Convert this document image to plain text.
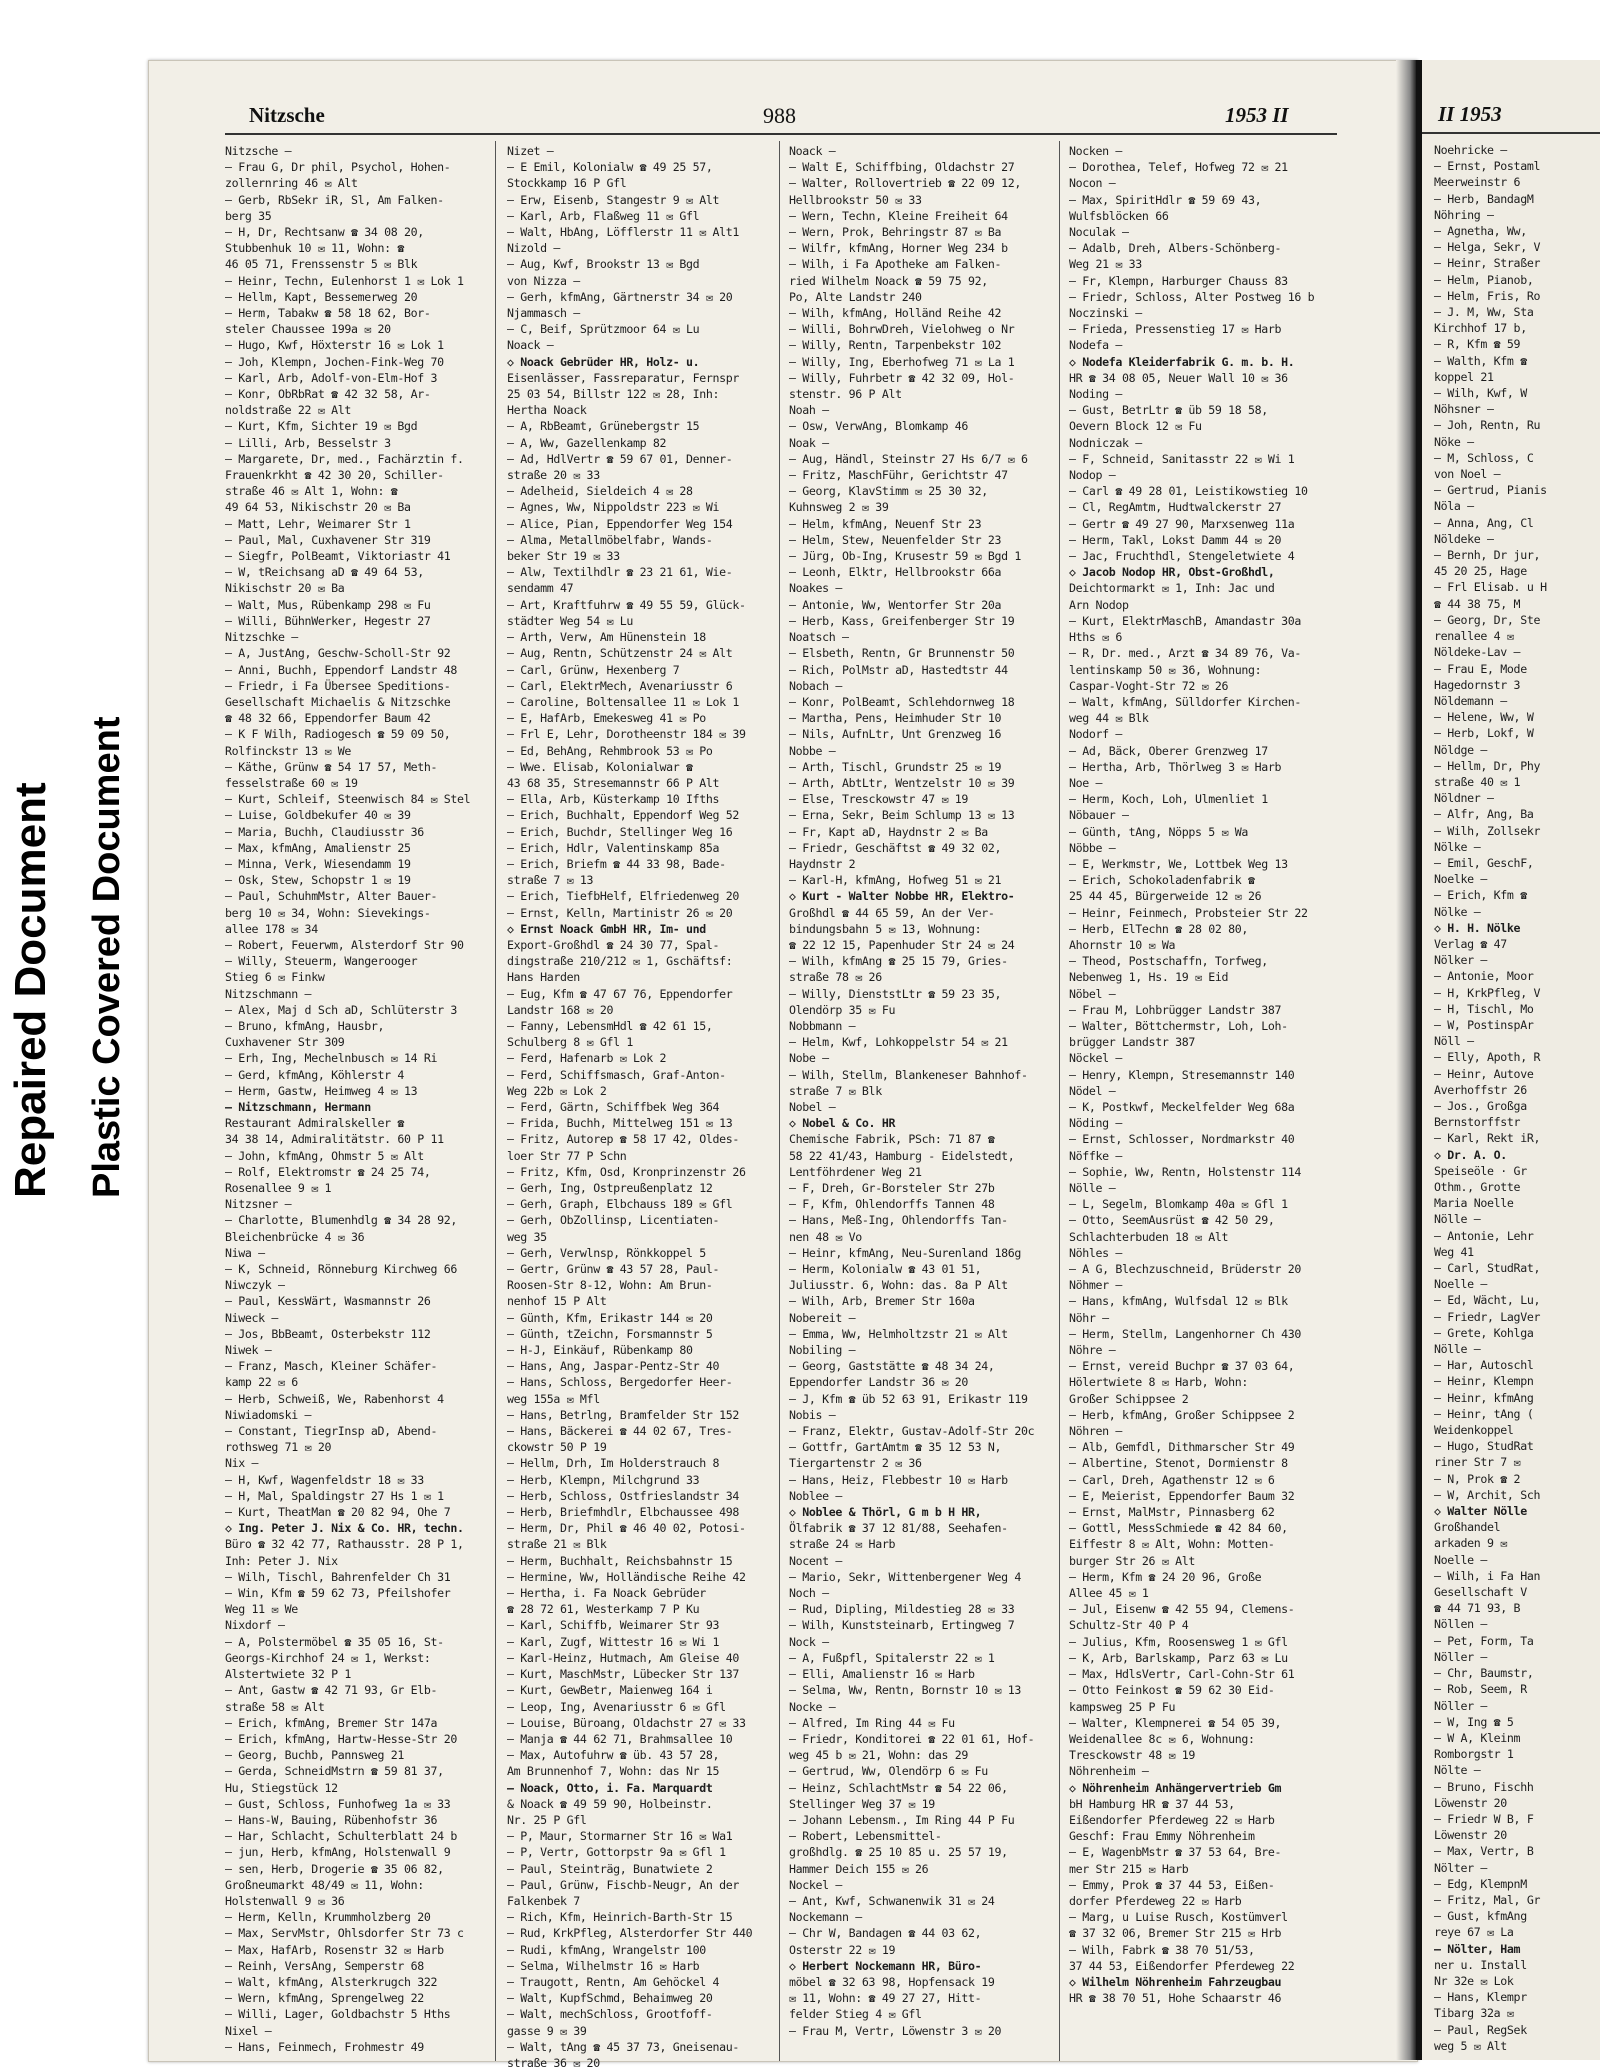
Repaired Document Plastic Covered Document
Nitzsche	988	1953 II
Nitzsche —
— Frau G, Dr phil, Psychol, Hohen-
zollernring 46 ✉ Alt
— Gerb, RbSekr iR, Sl, Am Falken-
berg 35
— H, Dr, Rechtsanw ☎ 34 08 20,
Stubbenhuk 10 ✉ 11, Wohn: ☎
46 05 71, Frenssenstr 5 ✉ Blk
— Heinr, Techn, Eulenhorst 1 ✉ Lok 1
— Hellm, Kapt, Bessemerweg 20
— Herm, Tabakw ☎ 58 18 62, Bor-
steler Chaussee 199a ✉ 20
— Hugo, Kwf, Höxterstr 16 ✉ Lok 1
— Joh, Klempn, Jochen-Fink-Weg 70
— Karl, Arb, Adolf-von-Elm-Hof 3
— Konr, ObRbRat ☎ 42 32 58, Ar-
noldstraße 22 ✉ Alt
— Kurt, Kfm, Sichter 19 ✉ Bgd
— Lilli, Arb, Besselstr 3
— Margarete, Dr, med., Fachärztin f.
Frauenkrkht ☎ 42 30 20, Schiller-
straße 46 ✉ Alt 1, Wohn: ☎
49 64 53, Nikischstr 20 ✉ Ba
— Matt, Lehr, Weimarer Str 1
— Paul, Mal, Cuxhavener Str 319
— Siegfr, PolBeamt, Viktoriastr 41
— W, tReichsang aD ☎ 49 64 53,
Nikischstr 20 ✉ Ba
— Walt, Mus, Rübenkamp 298 ✉ Fu
— Willi, BühnWerker, Hegestr 27
Nitzschke —
— A, JustAng, Geschw-Scholl-Str 92
— Anni, Buchh, Eppendorf Landstr 48
— Friedr, i Fa Übersee Speditions-
Gesellschaft Michaelis & Nitzschke
☎ 48 32 66, Eppendorfer Baum 42
— K F Wilh, Radiogesch ☎ 59 09 50,
Rolfinckstr 13 ✉ We
— Käthe, Grünw ☎ 54 17 57, Meth-
fesselstraße 60 ✉ 19
— Kurt, Schleif, Steenwisch 84 ✉ Stel
— Luise, Goldbekufer 40 ✉ 39
— Maria, Buchh, Claudiusstr 36
— Max, kfmAng, Amalienstr 25
— Minna, Verk, Wiesendamm 19
— Osk, Stew, Schopstr 1 ✉ 19
— Paul, SchuhmMstr, Alter Bauer-
berg 10 ✉ 34, Wohn: Sievekings-
allee 178 ✉ 34
— Robert, Feuerwm, Alsterdorf Str 90
— Willy, Steuerm, Wangerooger
Stieg 6 ✉ Finkw
Nitzschmann —
— Alex, Maj d Sch aD, Schlüterstr 3
— Bruno, kfmAng, Hausbr,
Cuxhavener Str 309
— Erh, Ing, Mechelnbusch ✉ 14 Ri
— Gerd, kfmAng, Köhlerstr 4
— Herm, Gastw, Heimweg 4 ✉ 13
— Nitzschmann, Hermann
Restaurant Admiralskeller ☎
34 38 14, Admiralitätstr. 60 P 11
— John, kfmAng, Ohmstr 5 ✉ Alt
— Rolf, Elektromstr ☎ 24 25 74,
Rosenallee 9 ✉ 1
Nitzsner —
— Charlotte, Blumenhdlg ☎ 34 28 92,
Bleichenbrücke 4 ✉ 36
Niwa —
— K, Schneid, Rönneburg Kirchweg 66
Niwczyk —
— Paul, KessWärt, Wasmannstr 26
Niweck —
— Jos, BbBeamt, Osterbekstr 112
Niwek —
— Franz, Masch, Kleiner Schäfer-
kamp 22 ✉ 6
— Herb, Schweiß, We, Rabenhorst 4
Niwiadomski —
— Constant, TiegrInsp aD, Abend-
rothsweg 71 ✉ 20
Nix —
— H, Kwf, Wagenfeldstr 18 ✉ 33
— H, Mal, Spaldingstr 27 Hs 1 ✉ 1
— Kurt, TheatMan ☎ 20 82 94, Ohe 7
◇ Ing. Peter J. Nix & Co. HR, techn.
Büro ☎ 32 42 77, Rathausstr. 28 P 1,
Inh: Peter J. Nix
— Wilh, Tischl, Bahrenfelder Ch 31
— Win, Kfm ☎ 59 62 73, Pfeilshofer
Weg 11 ✉ We
Nixdorf —
— A, Polstermöbel ☎ 35 05 16, St-
Georgs-Kirchhof 24 ✉ 1, Werkst:
Alstertwiete 32 P 1
— Ant, Gastw ☎ 42 71 93, Gr Elb-
straße 58 ✉ Alt
— Erich, kfmAng, Bremer Str 147a
— Erich, kfmAng, Hartw-Hesse-Str 20
— Georg, Buchb, Pannsweg 21
— Gerda, SchneidMstrn ☎ 59 81 37,
Hu, Stiegstück 12
— Gust, Schloss, Funhofweg 1a ✉ 33
— Hans-W, Bauing, Rübenhofstr 36
— Har, Schlacht, Schulterblatt 24 b
— jun, Herb, kfmAng, Holstenwall 9
— sen, Herb, Drogerie ☎ 35 06 82,
Großneumarkt 48/49 ✉ 11, Wohn:
Holstenwall 9 ✉ 36
— Herm, Kelln, Krummholzberg 20
— Max, ServMstr, Ohlsdorfer Str 73 c
— Max, HafArb, Rosenstr 32 ✉ Harb
— Reinh, VersAng, Semperstr 68
— Walt, kfmAng, Alsterkrugch 322
— Wern, kfmAng, Sprengelweg 22
— Willi, Lager, Goldbachstr 5 Hths
Nixel —
— Hans, Feinmech, Frohmestr 49
Nizet —
— E Emil, Kolonialw ☎ 49 25 57,
Stockkamp 16 P Gfl
— Erw, Eisenb, Stangestr 9 ✉ Alt
— Karl, Arb, Flaßweg 11 ✉ Gfl
— Walt, HbAng, Löfflerstr 11 ✉ Alt1
Nizold —
— Aug, Kwf, Brookstr 13 ✉ Bgd
von Nizza —
— Gerh, kfmAng, Gärtnerstr 34 ✉ 20
Njammasch —
— C, Beif, Sprützmoor 64 ✉ Lu
Noack —
◇ Noack Gebrüder HR, Holz- u.
Eisenlässer, Fassreparatur, Fernspr
25 03 54, Billstr 122 ✉ 28, Inh:
Hertha Noack
— A, RbBeamt, Grünebergstr 15
— A, Ww, Gazellenkamp 82
— Ad, HdlVertr ☎ 59 67 01, Denner-
straße 20 ✉ 33
— Adelheid, Sieldeich 4 ✉ 28
— Agnes, Ww, Nippoldstr 223 ✉ Wi
— Alice, Pian, Eppendorfer Weg 154
— Alma, Metallmöbelfabr, Wands-
beker Str 19 ✉ 33
— Alw, Textilhdlr ☎ 23 21 61, Wie-
sendamm 47
— Art, Kraftfuhrw ☎ 49 55 59, Glück-
städter Weg 54 ✉ Lu
— Arth, Verw, Am Hünenstein 18
— Aug, Rentn, Schützenstr 24 ✉ Alt
— Carl, Grünw, Hexenberg 7
— Carl, ElektrMech, Avenariusstr 6
— Caroline, Boltensallee 11 ✉ Lok 1
— E, HafArb, Emekesweg 41 ✉ Po
— Frl E, Lehr, Dorotheenstr 184 ✉ 39
— Ed, BehAng, Rehmbrook 53 ✉ Po
— Wwe. Elisab, Kolonialwar ☎
43 68 35, Stresemannstr 66 P Alt
— Ella, Arb, Küsterkamp 10 Ifths
— Erich, Buchhalt, Eppendorf Weg 52
— Erich, Buchdr, Stellinger Weg 16
— Erich, Hdlr, Valentinskamp 85a
— Erich, Briefm ☎ 44 33 98, Bade-
straße 7 ✉ 13
— Erich, TiefbHelf, Elfriedenweg 20
— Ernst, Kelln, Martinistr 26 ✉ 20
◇ Ernst Noack GmbH HR, Im- und
Export-Großhdl ☎ 24 30 77, Spal-
dingstraße 210/212 ✉ 1, Gschäftsf:
Hans Harden
— Eug, Kfm ☎ 47 67 76, Eppendorfer
Landstr 168 ✉ 20
— Fanny, LebensmHdl ☎ 42 61 15,
Schulberg 8 ✉ Gfl 1
— Ferd, Hafenarb ✉ Lok 2
— Ferd, Schiffsmasch, Graf-Anton-
Weg 22b ✉ Lok 2
— Ferd, Gärtn, Schiffbek Weg 364
— Frida, Buchh, Mittelweg 151 ✉ 13
— Fritz, Autorep ☎ 58 17 42, Oldes-
loer Str 77 P Schn
— Fritz, Kfm, Osd, Kronprinzenstr 26
— Gerh, Ing, Ostpreußenplatz 12
— Gerh, Graph, Elbchauss 189 ✉ Gfl
— Gerh, ObZollinsp, Licentiaten-
weg 35
— Gerh, Verwlnsp, Rönkkoppel 5
— Gertr, Grünw ☎ 43 57 28, Paul-
Roosen-Str 8-12, Wohn: Am Brun-
nenhof 15 P Alt
— Günth, Kfm, Erikastr 144 ✉ 20
— Günth, tZeichn, Forsmannstr 5
— H-J, Einkäuf, Rübenkamp 80
— Hans, Ang, Jaspar-Pentz-Str 40
— Hans, Schloss, Bergedorfer Heer-
weg 155a ✉ Mfl
— Hans, Betrlng, Bramfelder Str 152
— Hans, Bäckerei ☎ 44 02 67, Tres-
ckowstr 50 P 19
— Hellm, Drh, Im Holderstrauch 8
— Herb, Klempn, Milchgrund 33
— Herb, Schloss, Ostfrieslandstr 34
— Herb, Briefmhdlr, Elbchaussee 498
— Herm, Dr, Phil ☎ 46 40 02, Potosi-
straße 21 ✉ Blk
— Herm, Buchhalt, Reichsbahnstr 15
— Hermine, Ww, Holländische Reihe 42
— Hertha, i. Fa Noack Gebrüder
☎ 28 72 61, Westerkamp 7 P Ku
— Karl, Schiffb, Weimarer Str 93
— Karl, Zugf, Wittestr 16 ✉ Wi 1
— Karl-Heinz, Hutmach, Am Gleise 40
— Kurt, MaschMstr, Lübecker Str 137
— Kurt, GewBetr, Maienweg 164 i
— Leop, Ing, Avenariusstr 6 ✉ Gfl
— Louise, Büroang, Oldachstr 27 ✉ 33
— Manja ☎ 44 62 71, Brahmsallee 10
— Max, Autofuhrw ☎ üb. 43 57 28,
Am Brunnenhof 7, Wohn: das Nr 15
— Noack, Otto, i. Fa. Marquardt
& Noack ☎ 49 59 90, Holbeinstr.
Nr. 25 P Gfl
— P, Maur, Stormarner Str 16 ✉ Wa1
— P, Vertr, Gottorpstr 9a ✉ Gfl 1
— Paul, Steinträg, Bunatwiete 2
— Paul, Grünw, Fischb-Neugr, An der
Falkenbek 7
— Rich, Kfm, Heinrich-Barth-Str 15
— Rud, KrkPfleg, Alsterdorfer Str 440
— Rudi, kfmAng, Wrangelstr 100
— Selma, Wilhelmstr 16 ✉ Harb
— Traugott, Rentn, Am Gehöckel 4
— Walt, KupfSchmd, Behaimweg 20
— Walt, mechSchloss, Grootfoff-
gasse 9 ✉ 39
— Walt, tAng ☎ 45 37 73, Gneisenau-
straße 36 ✉ 20
Noack —
— Walt E, Schiffbing, Oldachstr 27
— Walter, Rollovertrieb ☎ 22 09 12,
Hellbrookstr 50 ✉ 33
— Wern, Techn, Kleine Freiheit 64
— Wern, Prok, Behringstr 87 ✉ Ba
— Wilfr, kfmAng, Horner Weg 234 b
— Wilh, i Fa Apotheke am Falken-
ried Wilhelm Noack ☎ 59 75 92,
Po, Alte Landstr 240
— Wilh, kfmAng, Holländ Reihe 42
— Willi, BohrwDreh, Vielohweg o Nr
— Willy, Rentn, Tarpenbekstr 102
— Willy, Ing, Eberhofweg 71 ✉ La 1
— Willy, Fuhrbetr ☎ 42 32 09, Hol-
stenstr. 96 P Alt
Noah —
— Osw, VerwAng, Blomkamp 46
Noak —
— Aug, Händl, Steinstr 27 Hs 6/7 ✉ 6
— Fritz, MaschFühr, Gerichtstr 47
— Georg, KlavStimm ✉ 25 30 32,
Kuhnsweg 2 ✉ 39
— Helm, kfmAng, Neuenf Str 23
— Helm, Stew, Neuenfelder Str 23
— Jürg, Ob-Ing, Krusestr 59 ✉ Bgd 1
— Leonh, Elktr, Hellbrookstr 66a
Noakes —
— Antonie, Ww, Wentorfer Str 20a
— Herb, Kass, Greifenberger Str 19
Noatsch —
— Elsbeth, Rentn, Gr Brunnenstr 50
— Rich, PolMstr aD, Hastedtstr 44
Nobach —
— Konr, PolBeamt, Schlehdornweg 18
— Martha, Pens, Heimhuder Str 10
— Nils, AufnLtr, Unt Grenzweg 16
Nobbe —
— Arth, Tischl, Grundstr 25 ✉ 19
— Arth, AbtLtr, Wentzelstr 10 ✉ 39
— Else, Tresckowstr 47 ✉ 19
— Erna, Sekr, Beim Schlump 13 ✉ 13
— Fr, Kapt aD, Haydnstr 2 ✉ Ba
— Friedr, Geschäftst ☎ 49 32 02,
Haydnstr 2
— Karl-H, kfmAng, Hofweg 51 ✉ 21
◇ Kurt - Walter Nobbe HR, Elektro-
Großhdl ☎ 44 65 59, An der Ver-
bindungsbahn 5 ✉ 13, Wohnung:
☎ 22 12 15, Papenhuder Str 24 ✉ 24
— Wilh, kfmAng ☎ 25 15 79, Gries-
straße 78 ✉ 26
— Willy, DienststLtr ☎ 59 23 35,
Olendörp 35 ✉ Fu
Nobbmann —
— Helm, Kwf, Lohkoppelstr 54 ✉ 21
Nobe —
— Wilh, Stellm, Blankeneser Bahnhof-
straße 7 ✉ Blk
Nobel —
◇ Nobel & Co. HR
Chemische Fabrik, PSch: 71 87 ☎
58 22 41/43, Hamburg - Eidelstedt,
Lentföhrdener Weg 21
— F, Dreh, Gr-Borsteler Str 27b
— F, Kfm, Ohlendorffs Tannen 48
— Hans, Meß-Ing, Ohlendorffs Tan-
nen 48 ✉ Vo
— Heinr, kfmAng, Neu-Surenland 186g
— Herm, Kolonialw ☎ 43 01 51,
Juliusstr. 6, Wohn: das. 8a P Alt
— Wilh, Arb, Bremer Str 160a
Nobereit —
— Emma, Ww, Helmholtzstr 21 ✉ Alt
Nobiling —
— Georg, Gaststätte ☎ 48 34 24,
Eppendorfer Landstr 36 ✉ 20
— J, Kfm ☎ üb 52 63 91, Erikastr 119
Nobis —
— Franz, Elektr, Gustav-Adolf-Str 20c
— Gottfr, GartAmtm ☎ 35 12 53 N,
Tiergartenstr 2 ✉ 36
— Hans, Heiz, Flebbestr 10 ✉ Harb
Noblee —
◇ Noblee & Thörl, G m b H HR,
Ölfabrik ☎ 37 12 81/88, Seehafen-
straße 24 ✉ Harb
Nocent —
— Mario, Sekr, Wittenbergener Weg 4
Noch —
— Rud, Dipling, Mildestieg 28 ✉ 33
— Wilh, Kunststeinarb, Ertingweg 7
Nock —
— A, Fußpfl, Spitalerstr 22 ✉ 1
— Elli, Amalienstr 16 ✉ Harb
— Selma, Ww, Rentn, Bornstr 10 ✉ 13
Nocke —
— Alfred, Im Ring 44 ✉ Fu
— Friedr, Konditorei ☎ 22 01 61, Hof-
weg 45 b ✉ 21, Wohn: das 29
— Gertrud, Ww, Olendörp 6 ✉ Fu
— Heinz, SchlachtMstr ☎ 54 22 06,
Stellinger Weg 37 ✉ 19
— Johann Lebensm., Im Ring 44 P Fu
— Robert, Lebensmittel-
großhdlg. ☎ 25 10 85 u. 25 57 19,
Hammer Deich 155 ✉ 26
Nockel —
— Ant, Kwf, Schwanenwik 31 ✉ 24
Nockemann —
— Chr W, Bandagen ☎ 44 03 62,
Osterstr 22 ✉ 19
◇ Herbert Nockemann HR, Büro-
möbel ☎ 32 63 98, Hopfensack 19
✉ 11, Wohn: ☎ 49 27 27, Hitt-
felder Stieg 4 ✉ Gfl
— Frau M, Vertr, Löwenstr 3 ✉ 20
Nocken —
— Dorothea, Telef, Hofweg 72 ✉ 21
Nocon —
— Max, SpiritHdlr ☎ 59 69 43,
Wulfsblöcken 66
Noculak —
— Adalb, Dreh, Albers-Schönberg-
Weg 21 ✉ 33
— Fr, Klempn, Harburger Chauss 83
— Friedr, Schloss, Alter Postweg 16 b
Noczinski —
— Frieda, Pressenstieg 17 ✉ Harb
Nodefa —
◇ Nodefa Kleiderfabrik G. m. b. H.
HR ☎ 34 08 05, Neuer Wall 10 ✉ 36
Noding —
— Gust, BetrLtr ☎ üb 59 18 58,
Oevern Block 12 ✉ Fu
Nodniczak —
— F, Schneid, Sanitasstr 22 ✉ Wi 1
Nodop —
— Carl ☎ 49 28 01, Leistikowstieg 10
— Cl, RegAmtm, Hudtwalckerstr 27
— Gertr ☎ 49 27 90, Marxsenweg 11a
— Herm, Takl, Lokst Damm 44 ✉ 20
— Jac, Fruchthdl, Stengeletwiete 4
◇ Jacob Nodop HR, Obst-Großhdl,
Deichtormarkt ✉ 1, Inh: Jac und
Arn Nodop
— Kurt, ElektrMaschB, Amandastr 30a
Hths ✉ 6
— R, Dr. med., Arzt ☎ 34 89 76, Va-
lentinskamp 50 ✉ 36, Wohnung:
Caspar-Voght-Str 72 ✉ 26
— Walt, kfmAng, Sülldorfer Kirchen-
weg 44 ✉ Blk
Nodorf —
— Ad, Bäck, Oberer Grenzweg 17
— Hertha, Arb, Thörlweg 3 ✉ Harb
Noe —
— Herm, Koch, Loh, Ulmenliet 1
Nöbauer —
— Günth, tAng, Nöpps 5 ✉ Wa
Nöbbe —
— E, Werkmstr, We, Lottbek Weg 13
— Erich, Schokoladenfabrik ☎
25 44 45, Bürgerweide 12 ✉ 26
— Heinr, Feinmech, Probsteier Str 22
— Herb, ElTechn ☎ 28 02 80,
Ahornstr 10 ✉ Wa
— Theod, Postschaffn, Torfweg,
Nebenweg 1, Hs. 19 ✉ Eid
Nöbel —
— Frau M, Lohbrügger Landstr 387
— Walter, Böttchermstr, Loh, Loh-
brügger Landstr 387
Nöckel —
— Henry, Klempn, Stresemannstr 140
Nödel —
— K, Postkwf, Meckelfelder Weg 68a
Nöding —
— Ernst, Schlosser, Nordmarkstr 40
Nöffke —
— Sophie, Ww, Rentn, Holstenstr 114
Nölle —
— L, Segelm, Blomkamp 40a ✉ Gfl 1
— Otto, SeemAusrüst ☎ 42 50 29,
Schlachterbuden 18 ✉ Alt
Nöhles —
— A G, Blechzuschneid, Brüderstr 20
Nöhmer —
— Hans, kfmAng, Wulfsdal 12 ✉ Blk
Nöhr —
— Herm, Stellm, Langenhorner Ch 430
Nöhre —
— Ernst, vereid Buchpr ☎ 37 03 64,
Hölertwiete 8 ✉ Harb, Wohn:
Großer Schippsee 2
— Herb, kfmAng, Großer Schippsee 2
Nöhren —
— Alb, Gemfdl, Dithmarscher Str 49
— Albertine, Stenot, Dormienstr 8
— Carl, Dreh, Agathenstr 12 ✉ 6
— E, Meierist, Eppendorfer Baum 32
— Ernst, MalMstr, Pinnasberg 62
— Gottl, MessSchmiede ☎ 42 84 60,
Eiffestr 8 ✉ Alt, Wohn: Motten-
burger Str 26 ✉ Alt
— Herm, Kfm ☎ 24 20 96, Große
Allee 45 ✉ 1
— Jul, Eisenw ☎ 42 55 94, Clemens-
Schultz-Str 40 P 4
— Julius, Kfm, Roosensweg 1 ✉ Gfl
— K, Arb, Barlskamp, Parz 63 ✉ Lu
— Max, HdlsVertr, Carl-Cohn-Str 61
— Otto Feinkost ☎ 59 62 30 Eid-
kampsweg 25 P Fu
— Walter, Klempnerei ☎ 54 05 39,
Weidenallee 8c ✉ 6, Wohnung:
Tresckowstr 48 ✉ 19
Nöhrenheim —
◇ Nöhrenheim Anhängervertrieb Gm
bH Hamburg HR ☎ 37 44 53,
Eißendorfer Pferdeweg 22 ✉ Harb
Geschf: Frau Emmy Nöhrenheim
— E, WagenbMstr ☎ 37 53 64, Bre-
mer Str 215 ✉ Harb
— Emmy, Prok ☎ 37 44 53, Eißen-
dorfer Pferdeweg 22 ✉ Harb
— Marg, u Luise Rusch, Kostümverl
☎ 37 32 06, Bremer Str 215 ✉ Hrb
— Wilh, Fabrk ☎ 38 70 51/53,
37 44 53, Eißendorfer Pferdeweg 22
◇ Wilhelm Nöhrenheim Fahrzeugbau
HR ☎ 38 70 51, Hohe Schaarstr 46
II 1953
Noehricke —
— Ernst, Postaml
Meerweinstr 6
— Herb, BandagM
Nöhring —
— Agnetha, Ww,
— Helga, Sekr, V
— Heinr, Straßer
— Helm, Pianob,
— Helm, Fris, Ro
— J. M, Ww, Sta
Kirchhof 17 b,
— R, Kfm ☎ 59
— Walth, Kfm ☎
koppel 21
— Wilh, Kwf, W
Nöhsner —
— Joh, Rentn, Ru
Nöke —
— M, Schloss, C
von Noel —
— Gertrud, Pianis
Nöla —
— Anna, Ang, Cl
Nöldeke —
— Bernh, Dr jur,
45 20 25, Hage
— Frl Elisab. u H
☎ 44 38 75, M
— Georg, Dr, Ste
renallee 4 ✉
Nöldeke-Lav —
— Frau E, Mode
Hagedornstr 3
Nöldemann —
— Helene, Ww, W
— Herb, Lokf, W
Nöldge —
— Hellm, Dr, Phy
straße 40 ✉ 1
Nöldner —
— Alfr, Ang, Ba
— Wilh, Zollsekr
Nölke —
— Emil, GeschF,
Noelke —
— Erich, Kfm ☎
Nölke —
◇ H. H. Nölke
Verlag ☎ 47
Nölker —
— Antonie, Moor
— H, KrkPfleg, V
— H, Tischl, Mo
— W, PostinspAr
Nöll —
— Elly, Apoth, R
— Heinr, Autove
Averhoffstr 26
— Jos., Großga
Bernstorffstr
— Karl, Rekt iR,
◇ Dr. A. O.
Speiseöle · Gr
Othm., Grotte
Maria Noelle
Nölle —
— Antonie, Lehr
Weg 41
— Carl, StudRat,
Noelle —
— Ed, Wächt, Lu,
— Friedr, LagVer
— Grete, Kohlga
Nölle —
— Har, Autoschl
— Heinr, Klempn
— Heinr, kfmAng
— Heinr, tAng (
Weidenkoppel
— Hugo, StudRat
riner Str 7 ✉
— N, Prok ☎ 2
— W, Archit, Sch
◇ Walter Nölle
Großhandel
arkaden 9 ✉
Noelle —
— Wilh, i Fa Han
Gesellschaft V
☎ 44 71 93, B
Nöllen —
— Pet, Form, Ta
Nöller —
— Chr, Baumstr,
— Rob, Seem, R
Nöller —
— W, Ing ☎ 5
— W A, Kleinm
Romborgstr 1
Nölte —
— Bruno, Fischh
Löwenstr 20
— Friedr W B, F
Löwenstr 20
— Max, Vertr, B
Nölter —
— Edg, KlempnM
— Fritz, Mal, Gr
— Gust, kfmAng
reye 67 ✉ La
— Nölter, Ham
ner u. Install
Nr 32e ✉ Lok
— Hans, Klempr
Tibarg 32a ✉
— Paul, RegSek
weg 5 ✉ Alt
